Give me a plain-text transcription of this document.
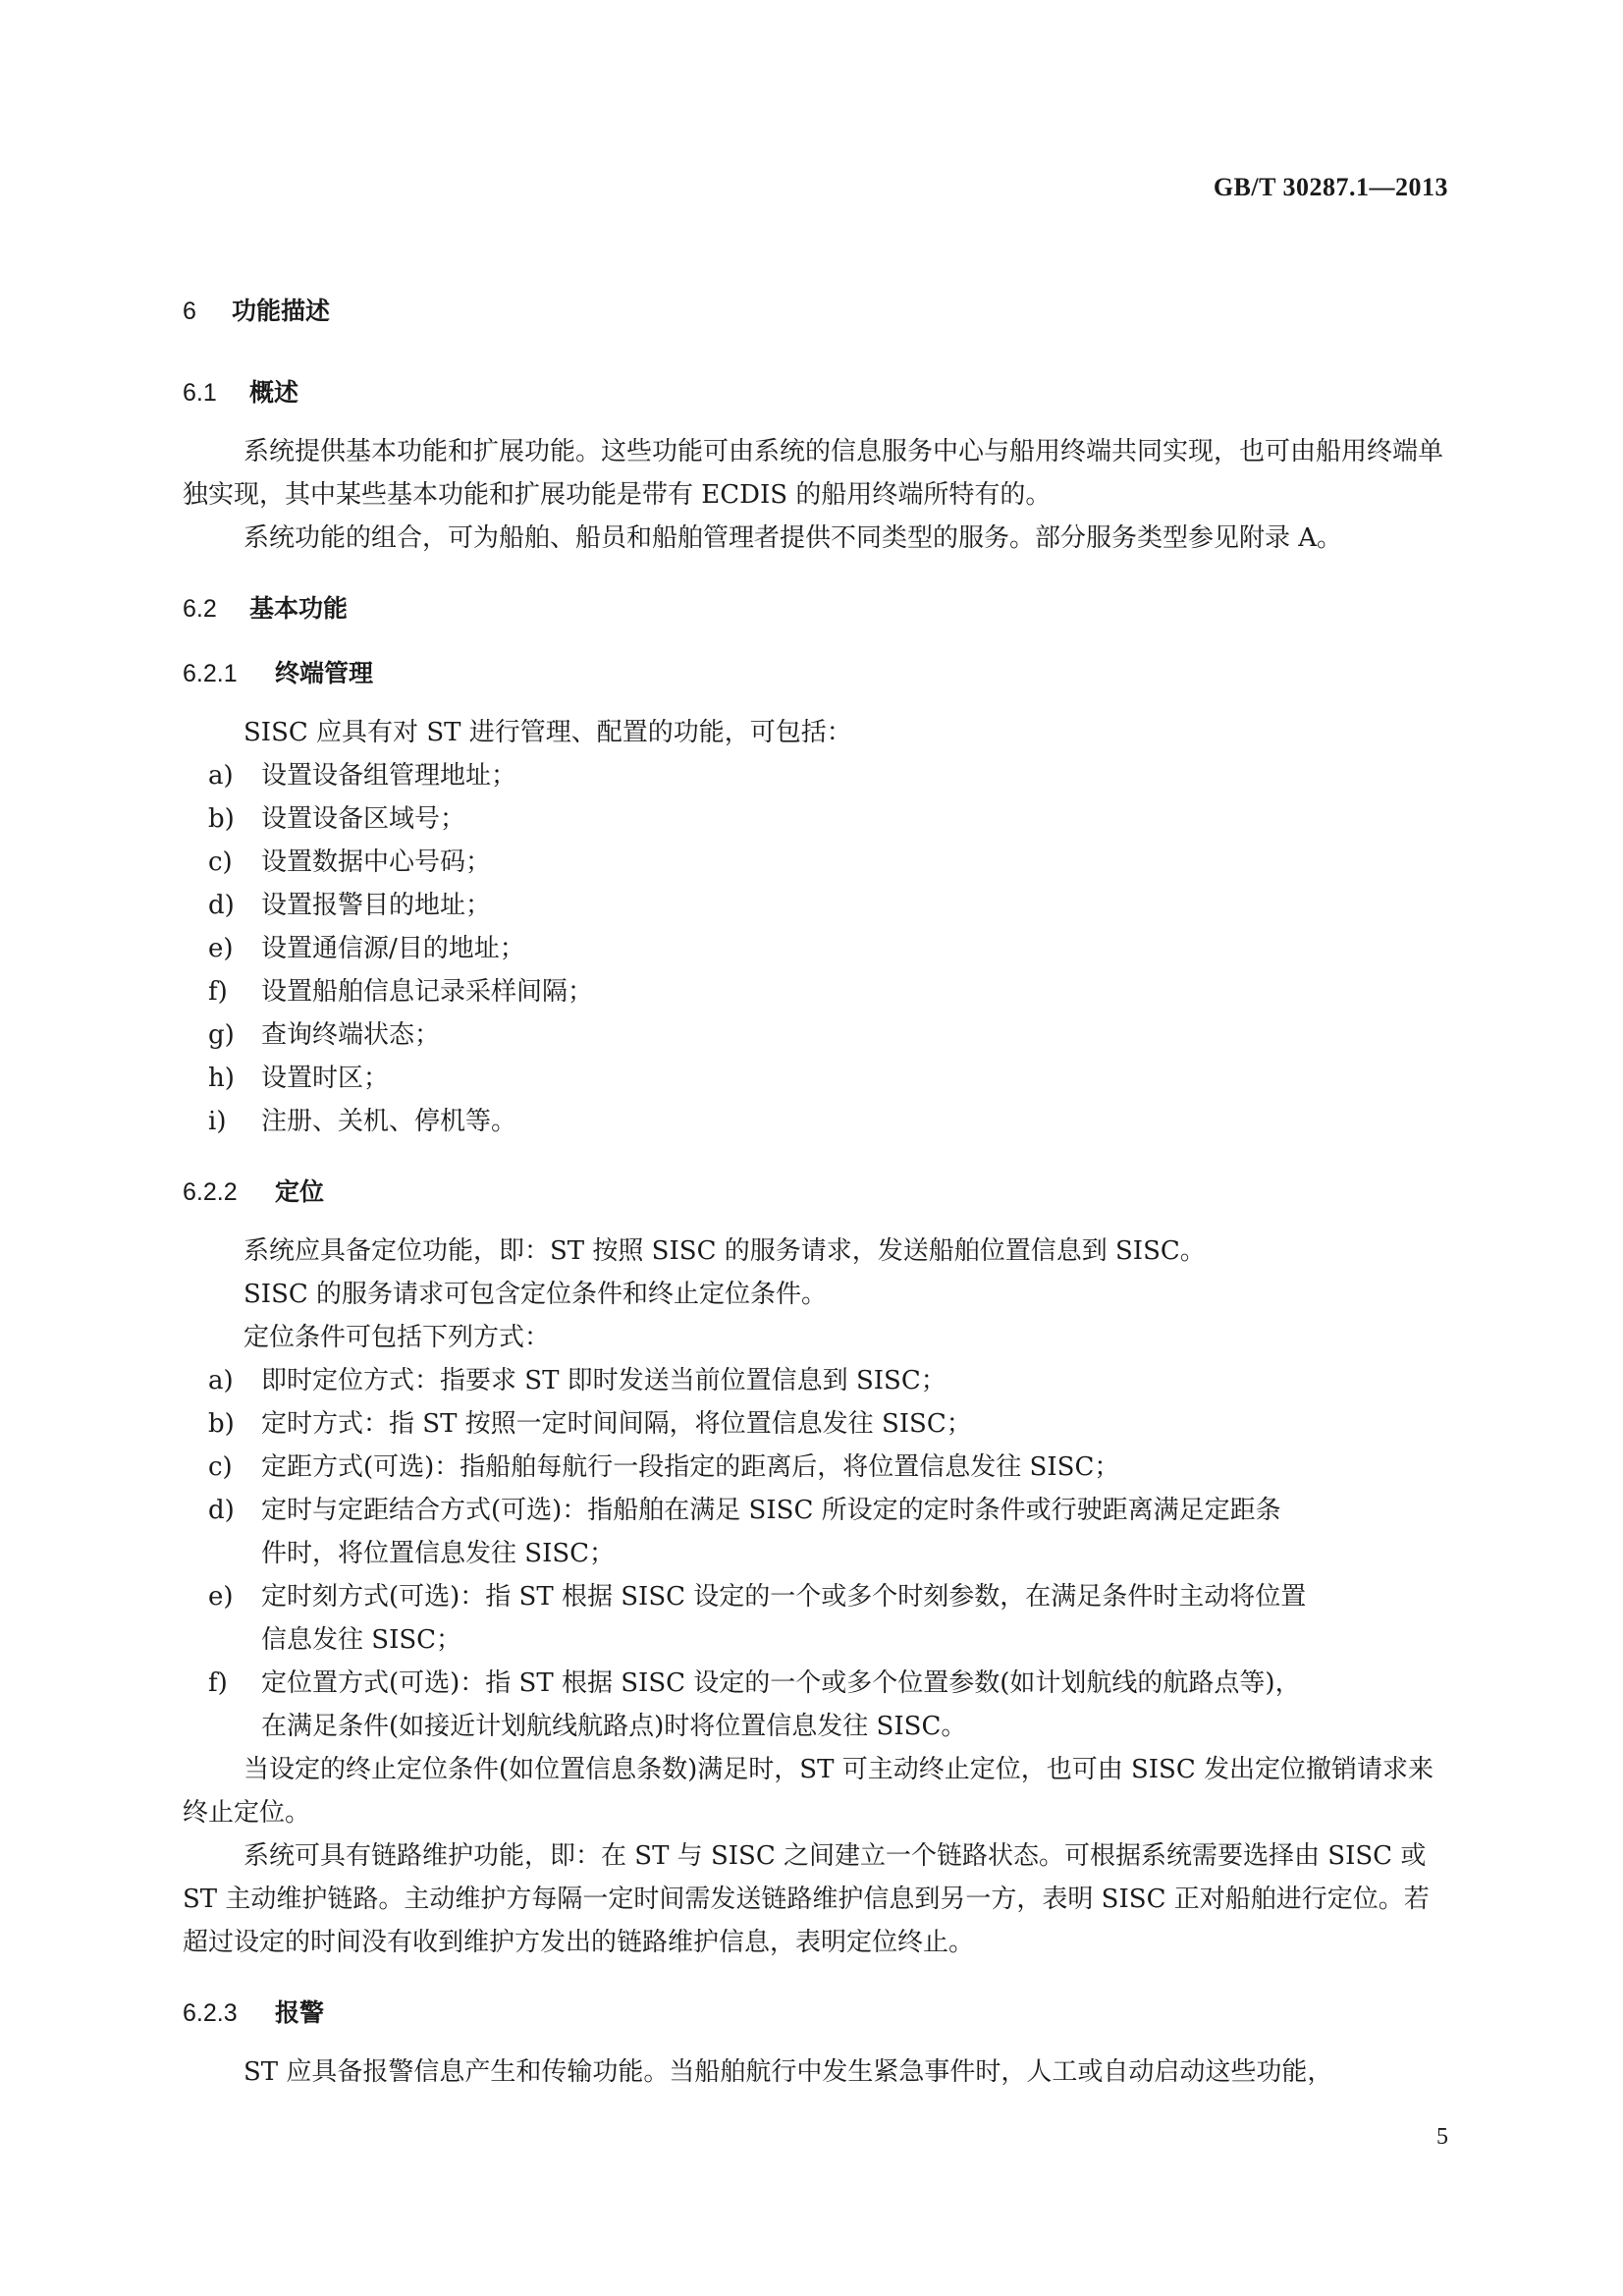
GB/T 30287.1—2013
6 功能描述
6.1 概述
系统提供基本功能和扩展功能。这些功能可由系统的信息服务中心与船用终端共同实现，也可由船用终端单独实现，其中某些基本功能和扩展功能是带有 ECDIS 的船用终端所特有的。
系统功能的组合，可为船舶、船员和船舶管理者提供不同类型的服务。部分服务类型参见附录 A。
6.2 基本功能
6.2.1 终端管理
SISC 应具有对 ST 进行管理、配置的功能，可包括：
a) 设置设备组管理地址；
b) 设置设备区域号；
c) 设置数据中心号码；
d) 设置报警目的地址；
e) 设置通信源/目的地址；
f) 设置船舶信息记录采样间隔；
g) 查询终端状态；
h) 设置时区；
i) 注册、关机、停机等。
6.2.2 定位
系统应具备定位功能，即：ST 按照 SISC 的服务请求，发送船舶位置信息到 SISC。
SISC 的服务请求可包含定位条件和终止定位条件。
定位条件可包括下列方式：
a) 即时定位方式：指要求 ST 即时发送当前位置信息到 SISC；
b) 定时方式：指 ST 按照一定时间间隔，将位置信息发往 SISC；
c) 定距方式(可选)：指船舶每航行一段指定的距离后，将位置信息发往 SISC；
d) 定时与定距结合方式(可选)：指船舶在满足 SISC 所设定的定时条件或行驶距离满足定距条
件时，将位置信息发往 SISC；
e) 定时刻方式(可选)：指 ST 根据 SISC 设定的一个或多个时刻参数，在满足条件时主动将位置
信息发往 SISC；
f) 定位置方式(可选)：指 ST 根据 SISC 设定的一个或多个位置参数(如计划航线的航路点等)，
在满足条件(如接近计划航线航路点)时将位置信息发往 SISC。
当设定的终止定位条件(如位置信息条数)满足时，ST 可主动终止定位，也可由 SISC 发出定位撤销请求来终止定位。
系统可具有链路维护功能，即：在 ST 与 SISC 之间建立一个链路状态。可根据系统需要选择由 SISC 或 ST 主动维护链路。主动维护方每隔一定时间需发送链路维护信息到另一方，表明 SISC 正对船舶进行定位。若超过设定的时间没有收到维护方发出的链路维护信息，表明定位终止。
6.2.3 报警
ST 应具备报警信息产生和传输功能。当船舶航行中发生紧急事件时，人工或自动启动这些功能，
5
